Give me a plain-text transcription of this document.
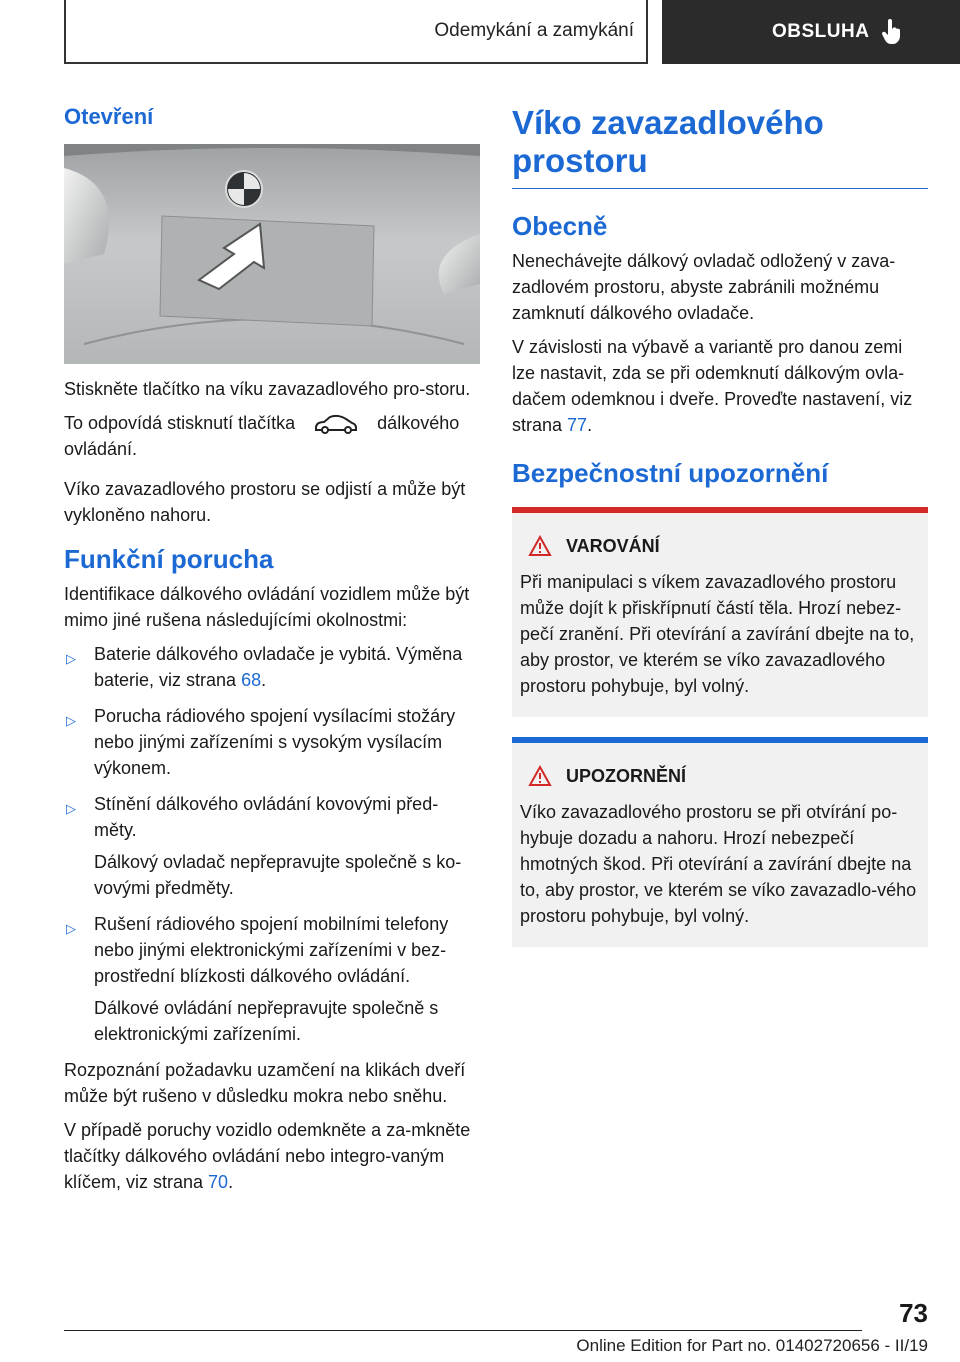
Odemykání a zamykání	OBSLUHA
Otevření

Stiskněte tlačítko na víku zavazadlového pro-storu.

To odpovídá stisknutí tlačítka	dálkového ovládání.

Víko zavazadlového prostoru se odjistí a může být vykloněno nahoru.

Funkční porucha

Identifikace dálkového ovládání vozidlem může být mimo jiné rušena následujícími okolnostmi:

▷ Baterie dálkového ovladače je vybitá. Výměna baterie, viz strana 68.
▷ Porucha rádiového spojení vysílacími stožáry nebo jinými zařízeními s vysokým vysílacím výkonem.
▷ Stínění dálkového ovládání kovovými před-měty.
Dálkový ovladač nepřepravujte společně s ko-vovými předměty.
▷ Rušení rádiového spojení mobilními telefony nebo jinými elektronickými zařízeními v bez-prostřední blízkosti dálkového ovládání.
Dálkové ovládání nepřepravujte společně s elektronickými zařízeními.

Rozpoznání požadavku uzamčení na klikách dveří může být rušeno v důsledku mokra nebo sněhu.

V případě poruchy vozidlo odemkněte a za-mkněte tlačítky dálkového ovládání nebo integro-vaným klíčem, viz strana 70.

Víko zavazadlového prostoru
Obecně

Nenechávejte dálkový ovladač odložený v zava-zadlovém prostoru, abyste zabránili možnému zamknutí dálkového ovladače.

V závislosti na výbavě a variantě pro danou zemi lze nastavit, zda se při odemknutí dálkovým ovla-dačem odemknou i dveře. Proveďte nastavení, viz strana 77.

Bezpečnostní upozornění
VAROVÁNÍ

Při manipulaci s víkem zavazadlového prostoru může dojít k přiskřípnutí částí těla. Hrozí nebez-pečí zranění. Při otevírání a zavírání dbejte na to, aby prostor, ve kterém se víko zavazadlového prostoru pohybuje, byl volný.

UPOZORNĚNÍ

Víko zavazadlového prostoru se při otvírání po-hybuje dozadu a nahoru. Hrozí nebezpečí hmotných škod. Při otevírání a zavírání dbejte na to, aby prostor, ve kterém se víko zavazadlo-vého prostoru pohybuje, byl volný.

73
Online Edition for Part no. 01402720656 - II/19
